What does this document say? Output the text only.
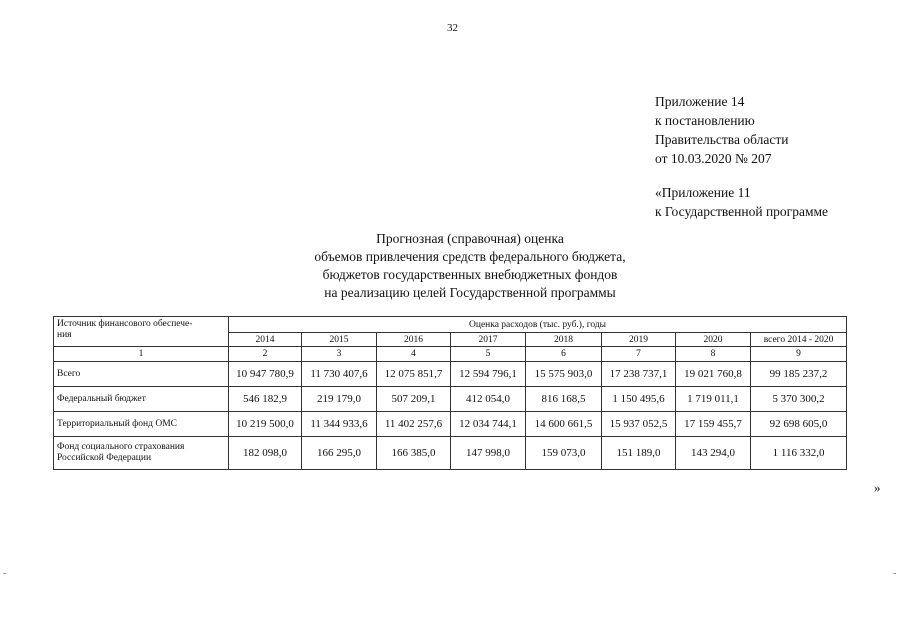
32
Приложение 14
к постановлению
Правительства области
от 10.03.2020 № 207
«Приложение 11
к Государственной программе
Прогнозная (справочная) оценка
объемов привлечения средств федерального бюджета,
бюджетов государственных внебюджетных фондов
на реализацию целей Государственной программы
Источник финансового обеспече-
ния	Оценка расходов (тыс. руб.), годы							
	2014	2015	2016	2017	2018	2019	2020	всего 2014 - 2020
1	2	3	4	5	6	7	8	9
Всего	10 947 780,9	11 730 407,6	12 075 851,7	12 594 796,1	15 575 903,0	17 238 737,1	19 021 760,8	99 185 237,2
Федеральный бюджет	546 182,9	219 179,0	507 209,1	412 054,0	816 168,5	1 150 495,6	1 719 011,1	5 370 300,2
Территориальный фонд ОМС	10 219 500,0	11 344 933,6	11 402 257,6	12 034 744,1	14 600 661,5	15 937 052,5	17 159 455,7	92 698 605,0

Фонд социального страхования
Российской Федерации	182 098,0	166 295,0	166 385,0	147 998,0	159 073,0	151 189,0	143 294,0	1 116 332,0
»
-	-
